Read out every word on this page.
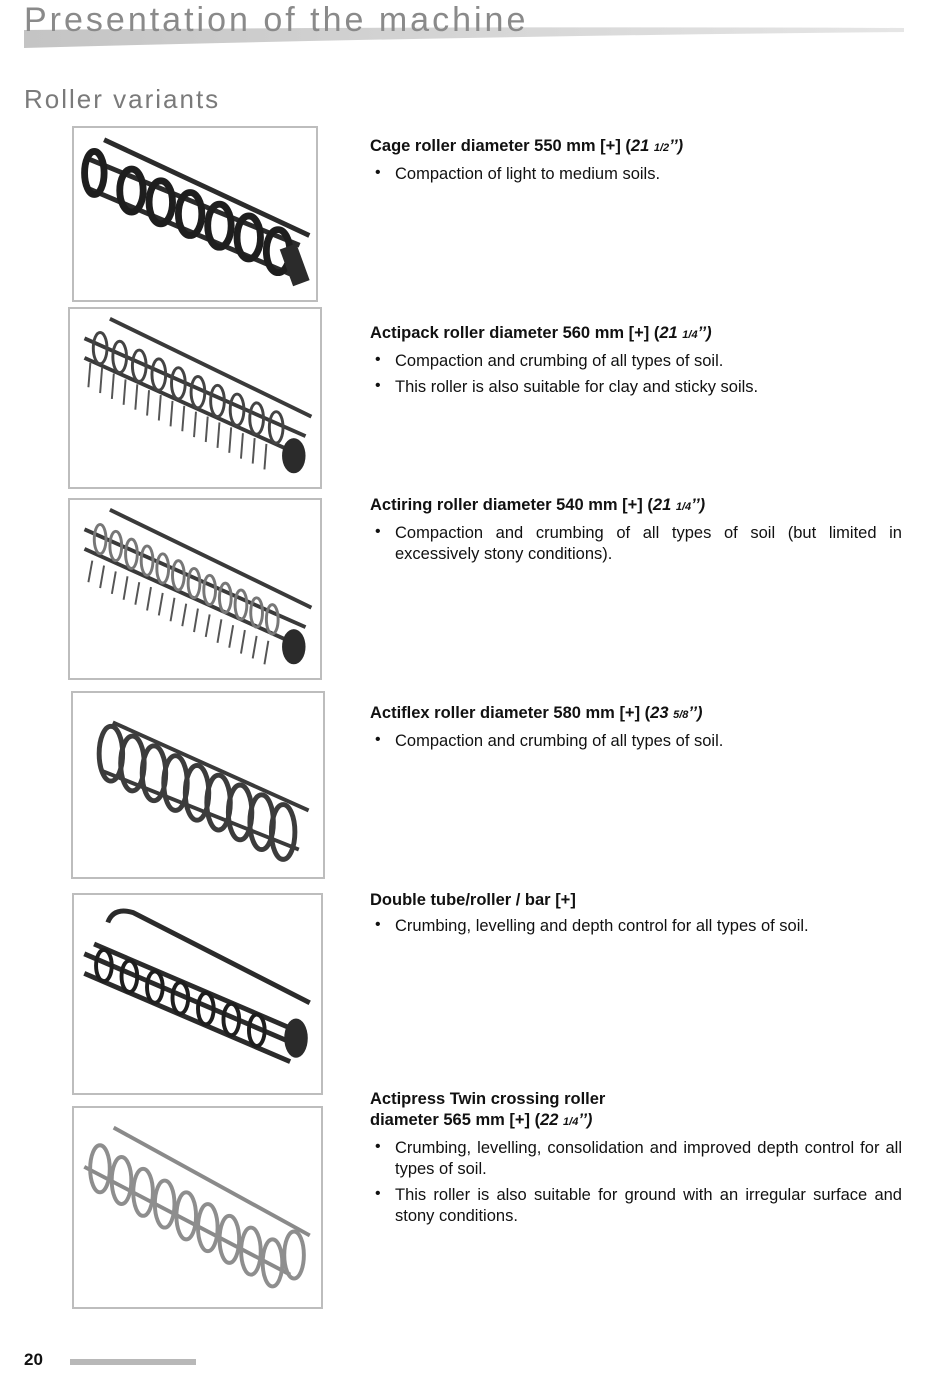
Presentation of the machine
Roller variants

Cage roller diameter 550 mm [+] (21 1/2’’)

• Compaction of light to medium soils.

Actipack roller diameter 560 mm [+] (21 1/4’’)

• Compaction and crumbing of all types of soil.
• This roller is also suitable for clay and sticky soils.

Actiring roller diameter 540 mm [+] (21 1/4’’)

• Compaction and crumbing of all types of soil (but limited in excessively stony conditions).

Actiflex roller diameter 580 mm [+] (23 5/8’’)

• Compaction and crumbing of all types of soil.

Double tube/roller / bar [+]

• Crumbing, levelling and depth control for all types of soil.

Actipress Twin crossing roller

diameter 565 mm [+] (22 1/4’’)

• Crumbing, levelling, consolidation and improved depth control for all types of soil.
• This roller is also suitable for ground with an irregular surface and stony conditions.
20
